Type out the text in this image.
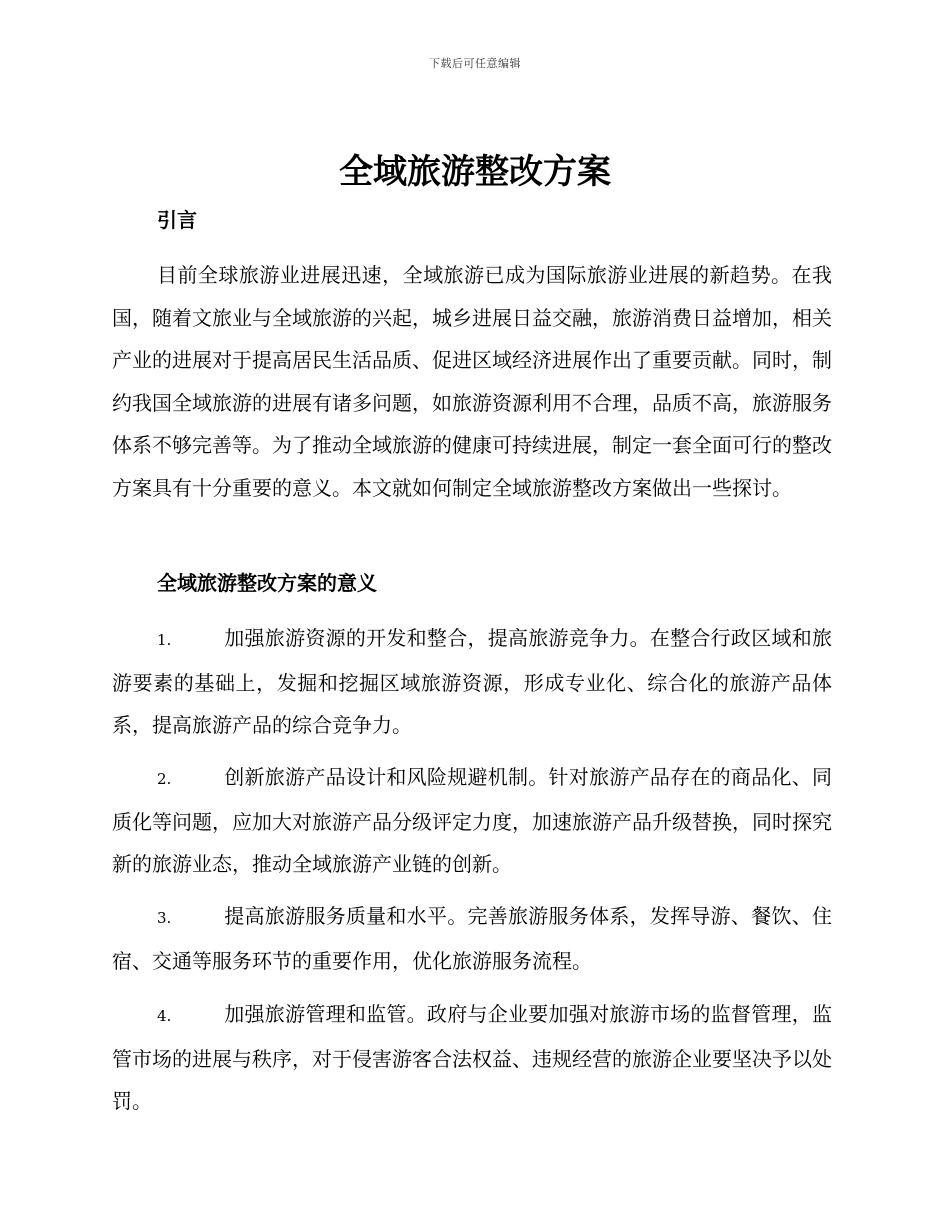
下载后可任意编辑
全域旅游整改方案
引言

目前全球旅游业进展迅速，全域旅游已成为国际旅游业进展的新趋势。在我国，随着文旅业与全域旅游的兴起，城乡进展日益交融，旅游消费日益增加，相关产业的进展对于提高居民生活品质、促进区域经济进展作出了重要贡献。同时，制约我国全域旅游的进展有诸多问题，如旅游资源利用不合理，品质不高，旅游服务体系不够完善等。为了推动全域旅游的健康可持续进展，制定一套全面可行的整改方案具有十分重要的意义。本文就如何制定全域旅游整改方案做出一些探讨。

全域旅游整改方案的意义

1.	加强旅游资源的开发和整合，提高旅游竞争力。在整合行政区域和旅游要素的基础上，发掘和挖掘区域旅游资源，形成专业化、综合化的旅游产品体系，提高旅游产品的综合竞争力。

2.	创新旅游产品设计和风险规避机制。针对旅游产品存在的商品化、同质化等问题，应加大对旅游产品分级评定力度，加速旅游产品升级替换，同时探究新的旅游业态，推动全域旅游产业链的创新。

3.	提高旅游服务质量和水平。完善旅游服务体系，发挥导游、餐饮、住宿、交通等服务环节的重要作用，优化旅游服务流程。

4.	加强旅游管理和监管。政府与企业要加强对旅游市场的监督管理，监管市场的进展与秩序，对于侵害游客合法权益、违规经营的旅游企业要坚决予以处罚。
